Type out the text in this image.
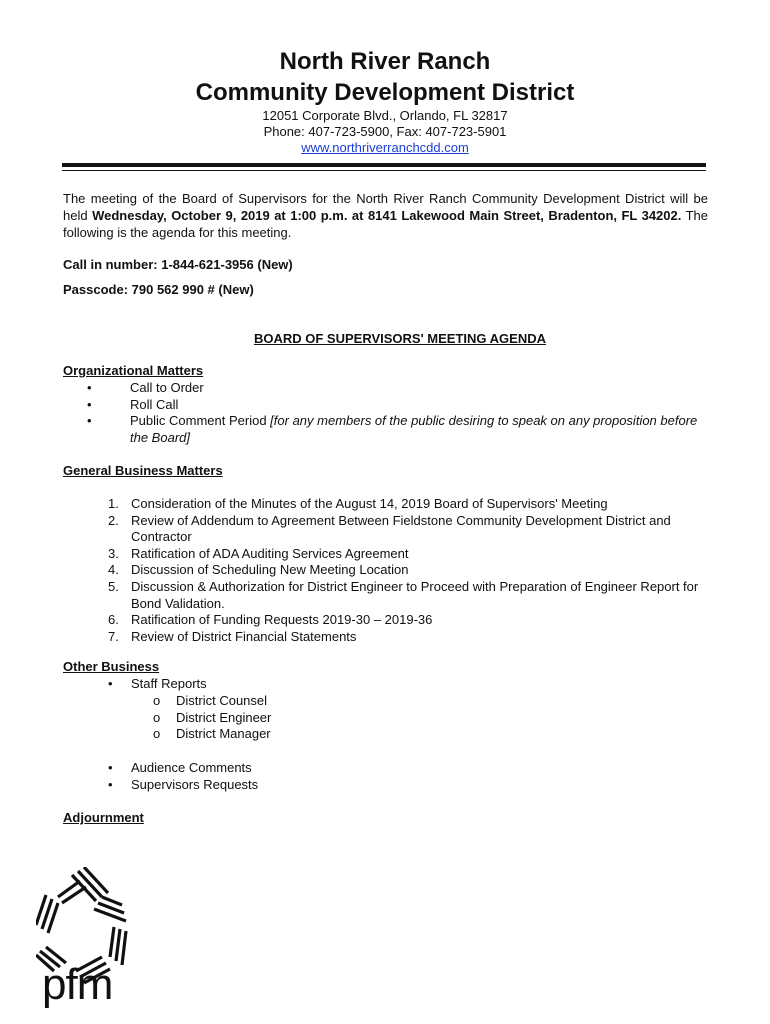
North River Ranch
Community Development District
12051 Corporate Blvd., Orlando, FL 32817
Phone: 407-723-5900, Fax: 407-723-5901
www.northriverranchcdd.com
The meeting of the Board of Supervisors for the North River Ranch Community Development District will be held Wednesday, October 9, 2019 at 1:00 p.m. at 8141 Lakewood Main Street, Bradenton, FL 34202. The following is the agenda for this meeting.
Call in number: 1-844-621-3956 (New)
Passcode: 790 562 990 # (New)
BOARD OF SUPERVISORS' MEETING AGENDA
Organizational Matters
•	Call to Order
•	Roll Call
•	Public Comment Period [for any members of the public desiring to speak on any proposition before the Board]
General Business Matters
1. Consideration of the Minutes of the August 14, 2019 Board of Supervisors' Meeting
2. Review of Addendum to Agreement Between Fieldstone Community Development District and Contractor
3. Ratification of ADA Auditing Services Agreement
4. Discussion of Scheduling New Meeting Location
5. Discussion & Authorization for District Engineer to Proceed with Preparation of Engineer Report for Bond Validation.
6. Ratification of Funding Requests 2019-30 – 2019-36
7. Review of District Financial Statements
Other Business
• Staff Reports
o District Counsel
o District Engineer
o District Manager
• Audience Comments
• Supervisors Requests
Adjournment
pfm
